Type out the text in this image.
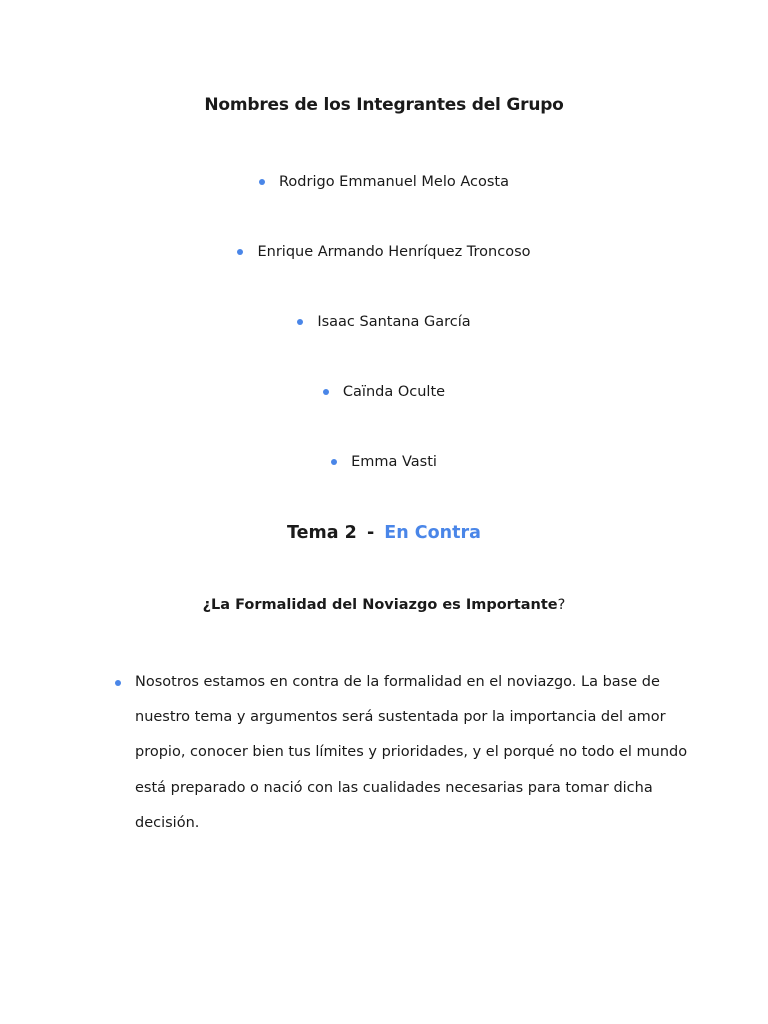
Nombres de los Integrantes del Grupo
Rodrigo Emmanuel Melo Acosta
Enrique Armando Henríquez Troncoso
Isaac Santana García
Caïnda Oculte
Emma Vasti
Tema 2 - En Contra
¿La Formalidad del Noviazgo es Importante?
Nosotros estamos en contra de la formalidad en el noviazgo. La base de nuestro tema y argumentos será sustentada por la importancia del amor propio, conocer bien tus límites y prioridades, y el porqué no todo el mundo está preparado o nació con las cualidades necesarias para tomar dicha decisión.
